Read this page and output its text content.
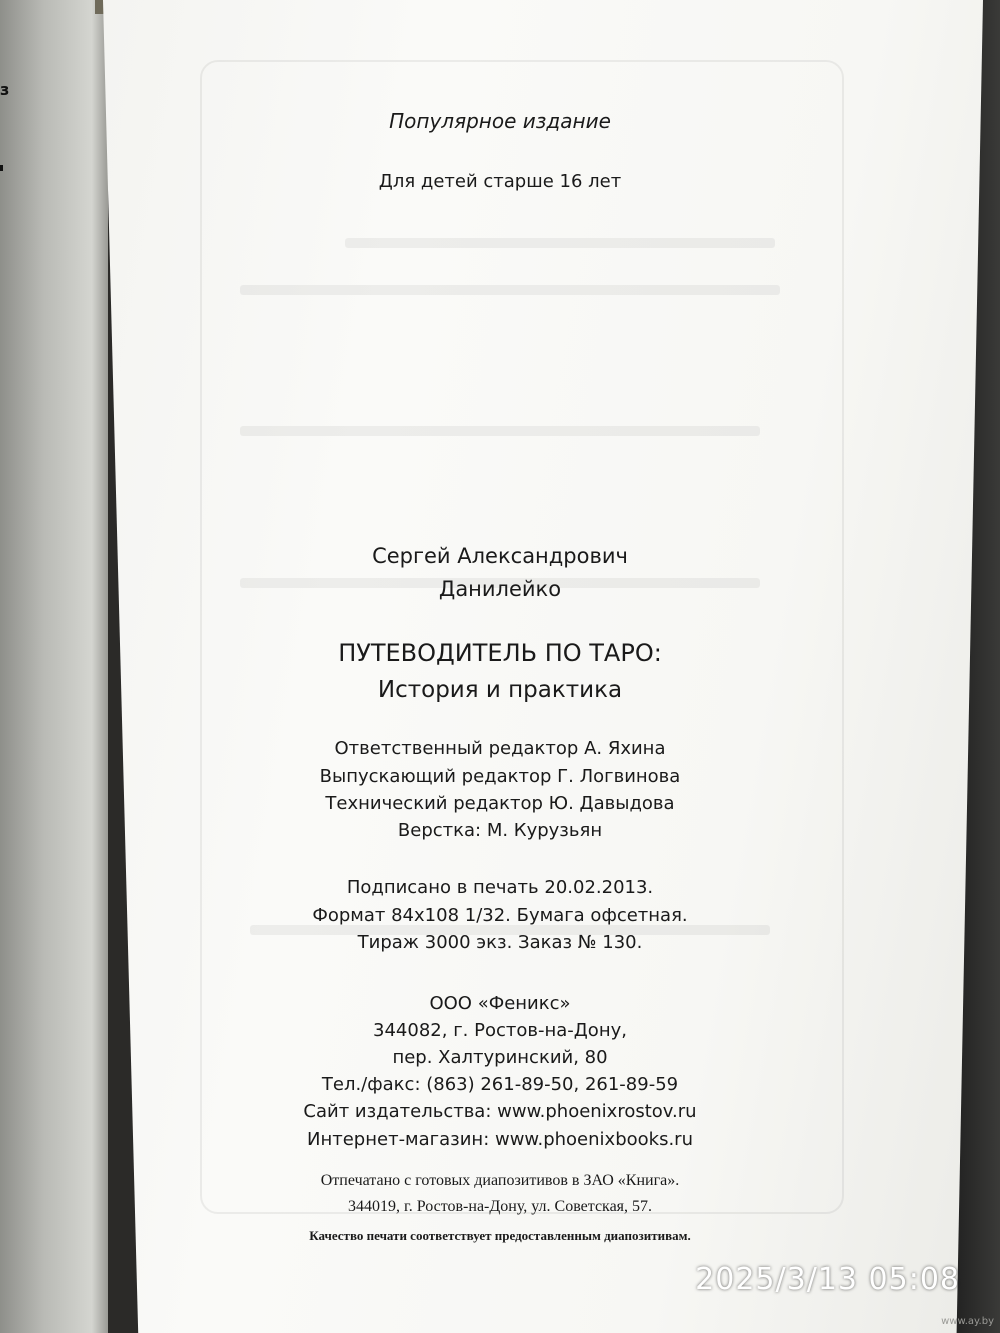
з
Популярное издание
Для детей старше 16 лет
Сергей Александрович
Данилейко
ПУТЕВОДИТЕЛЬ ПО ТАРО:
История и практика
Ответственный редактор А. Яхина
Выпускающий редактор Г. Логвинова
Технический редактор Ю. Давыдова
Верстка: М. Курузьян
Подписано в печать 20.02.2013.
Формат 84x108 1/32. Бумага офсетная.
Тираж 3000 экз. Заказ № 130.
ООО «Феникс»
344082, г. Ростов-на-Дону,
пер. Халтуринский, 80
Тел./факс: (863) 261-89-50, 261-89-59
Сайт издательства: www.phoenixrostov.ru
Интернет-магазин: www.phoenixbooks.ru
Отпечатано с готовых диапозитивов в ЗАО «Книга».
344019, г. Ростов-на-Дону, ул. Советская, 57.
Качество печати соответствует предоставленным диапозитивам.
2025/3/13 05:08
www.ay.by
